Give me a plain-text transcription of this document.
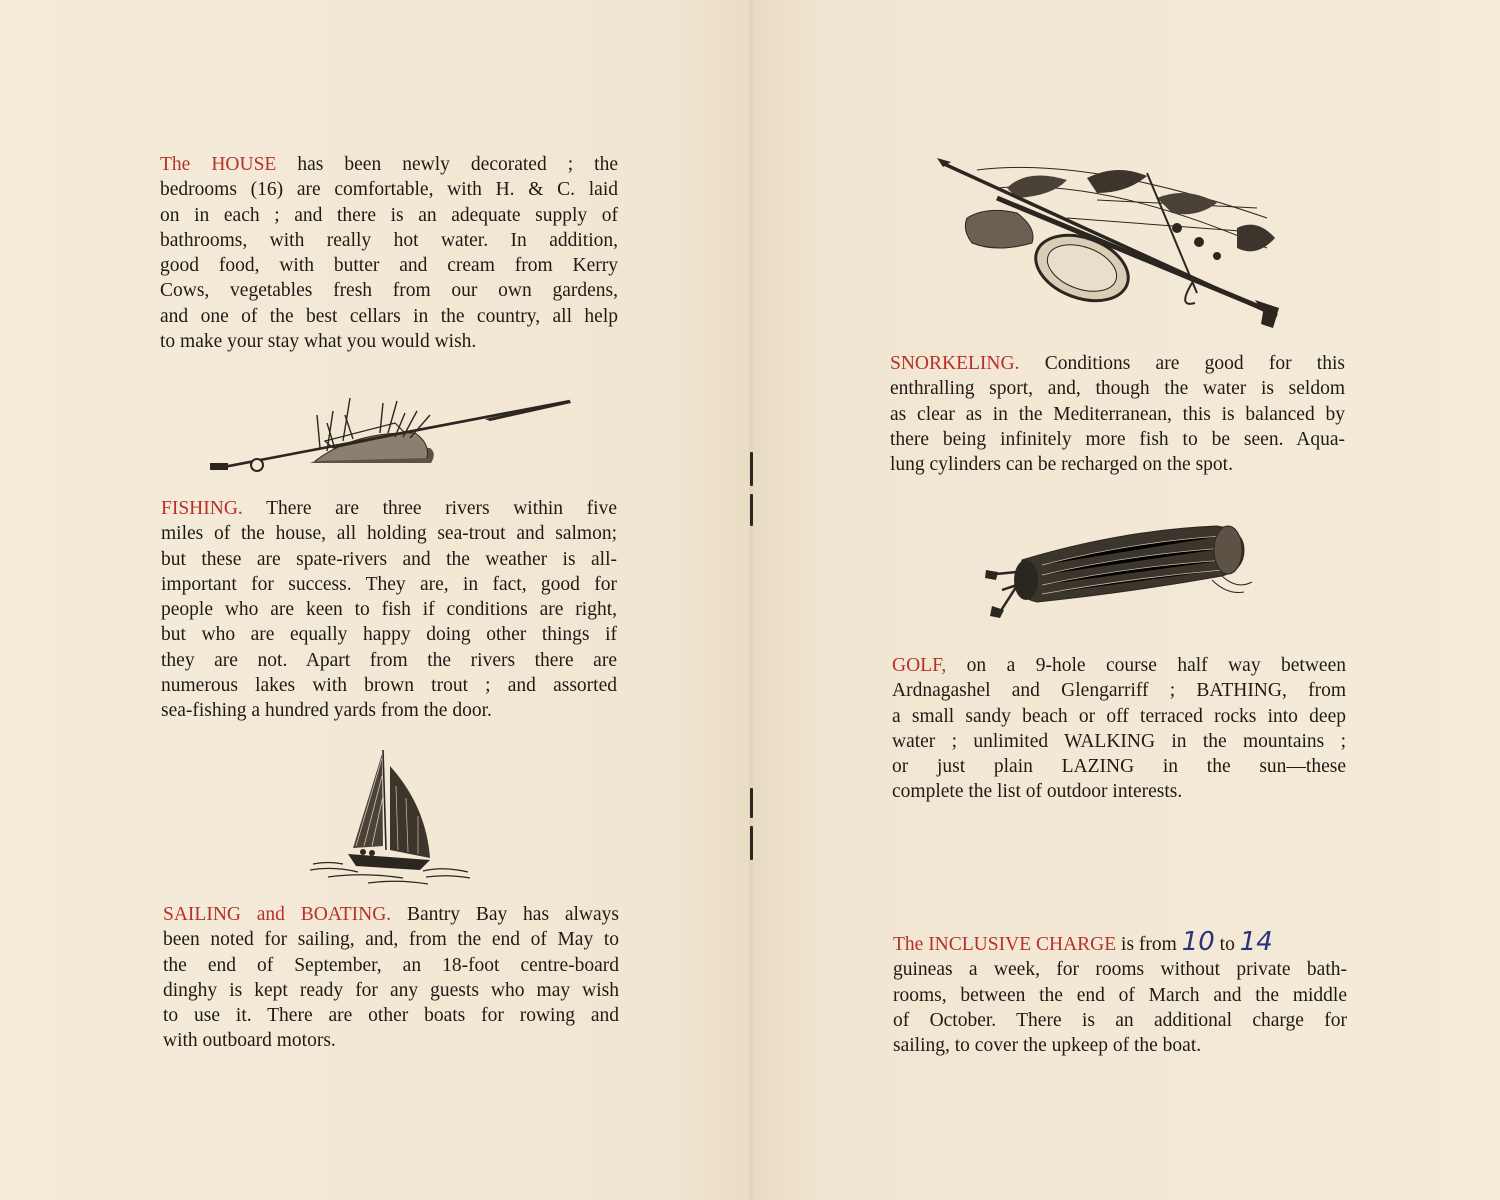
The HOUSE has been newly decorated ; the
bedrooms (16) are comfortable, with H. & C. laid
on in each ; and there is an adequate supply of
bathrooms, with really hot water. In addition,
good food, with butter and cream from Kerry
Cows, vegetables fresh from our own gardens,
and one of the best cellars in the country, all help
to make your stay what you would wish.
FISHING. There are three rivers within five
miles of the house, all holding sea-trout and salmon;
but these are spate-rivers and the weather is all-
important for success. They are, in fact, good for
people who are keen to fish if conditions are right,
but who are equally happy doing other things if
they are not. Apart from the rivers there are
numerous lakes with brown trout ; and assorted
sea-fishing a hundred yards from the door.
SAILING and BOATING. Bantry Bay has always
been noted for sailing, and, from the end of May to
the end of September, an 18-foot centre-board
dinghy is kept ready for any guests who may wish
to use it. There are other boats for rowing and
with outboard motors.
SNORKELING. Conditions are good for this
enthralling sport, and, though the water is seldom
as clear as in the Mediterranean, this is balanced by
there being infinitely more fish to be seen. Aqua-
lung cylinders can be recharged on the spot.
GOLF, on a 9-hole course half way between
Ardnagashel and Glengarriff ; BATHING, from
a small sandy beach or off terraced rocks into deep
water ; unlimited WALKING in the mountains ;
or just plain LAZING in the sun—these
complete the list of outdoor interests.
The INCLUSIVE CHARGE is from 10 to 14
guineas a week, for rooms without private bath-
rooms, between the end of March and the middle
of October. There is an additional charge for
sailing, to cover the upkeep of the boat.
